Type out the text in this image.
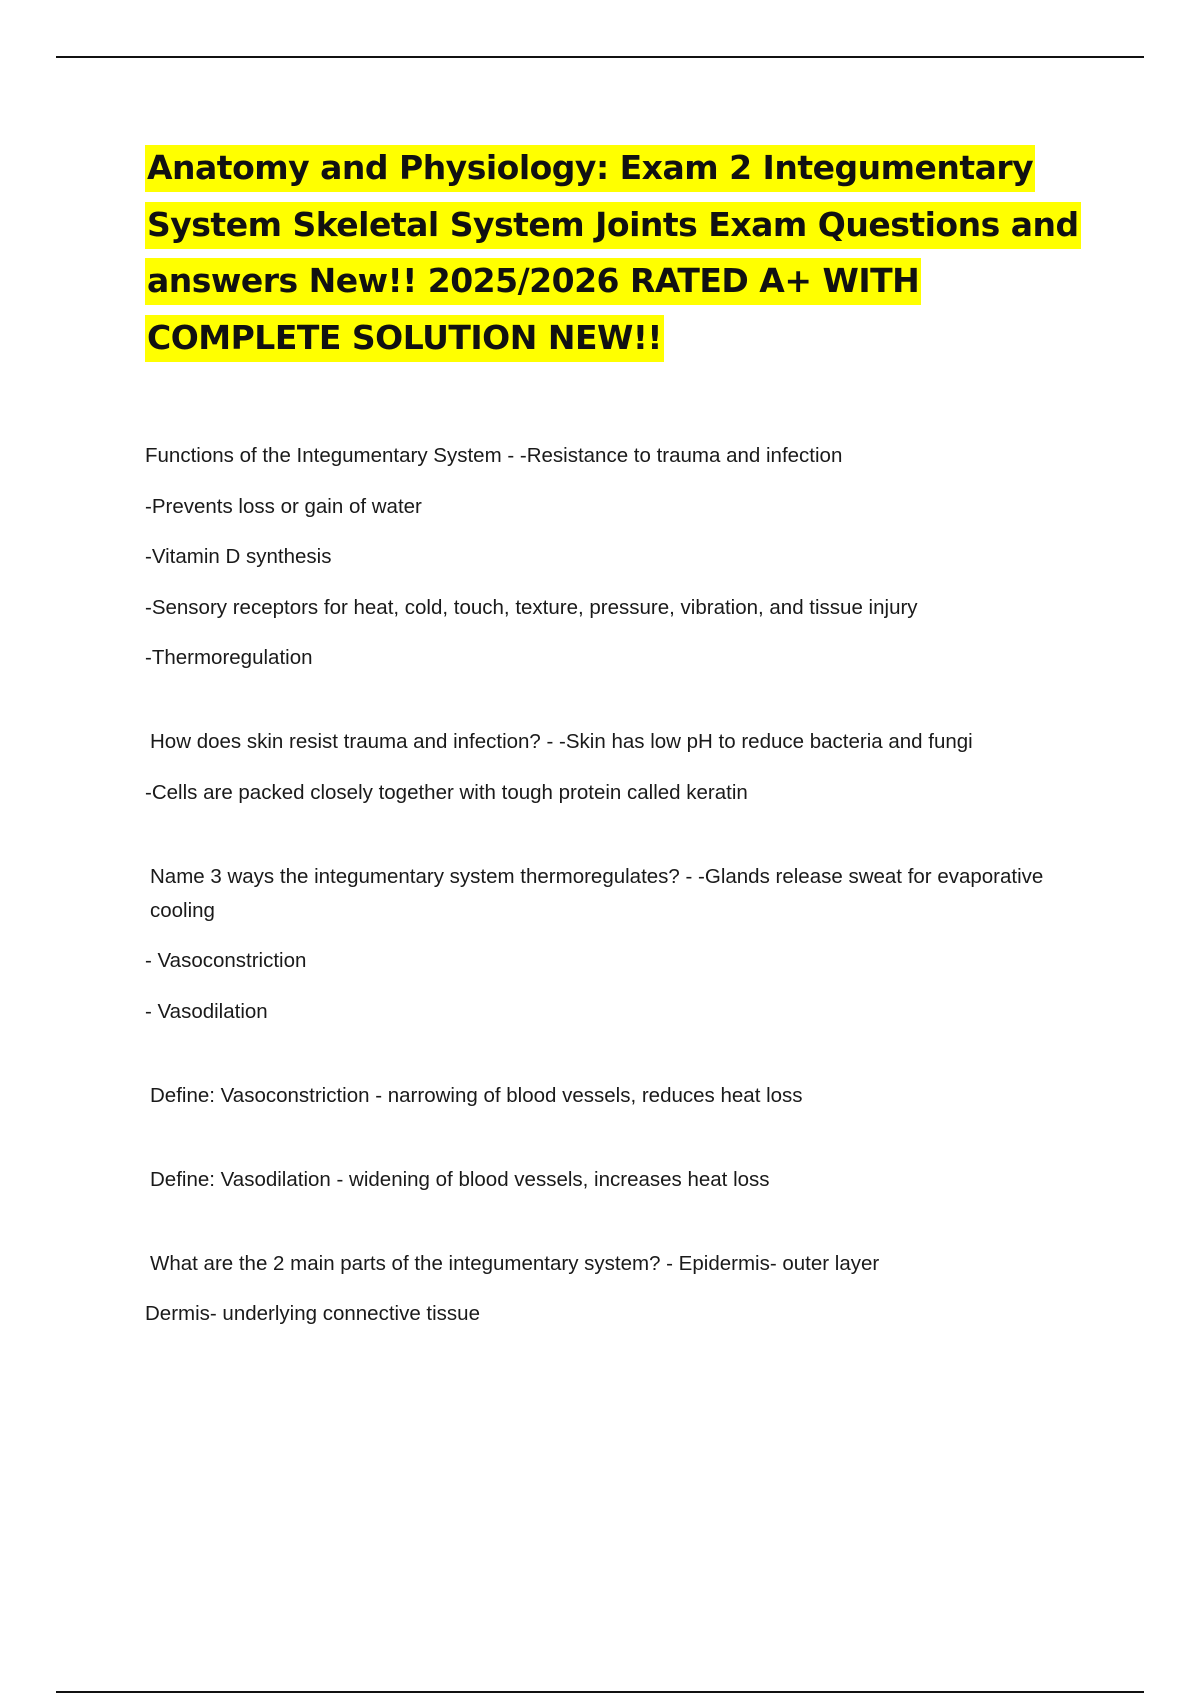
Anatomy and Physiology: Exam 2 Integumentary System Skeletal System Joints Exam Questions and answers New!! 2025/2026 RATED A+ WITH COMPLETE SOLUTION NEW!!

Functions of the Integumentary System - -Resistance to trauma and infection

-Prevents loss or gain of water

-Vitamin D synthesis

-Sensory receptors for heat, cold, touch, texture, pressure, vibration, and tissue injury

-Thermoregulation

How does skin resist trauma and infection? - -Skin has low pH to reduce bacteria and fungi

-Cells are packed closely together with tough protein called keratin

Name 3 ways the integumentary system thermoregulates? - -Glands release sweat for evaporative cooling

- Vasoconstriction

- Vasodilation

Define: Vasoconstriction - narrowing of blood vessels, reduces heat loss

Define: Vasodilation - widening of blood vessels, increases heat loss

What are the 2 main parts of the integumentary system? - Epidermis- outer layer

Dermis- underlying connective tissue
